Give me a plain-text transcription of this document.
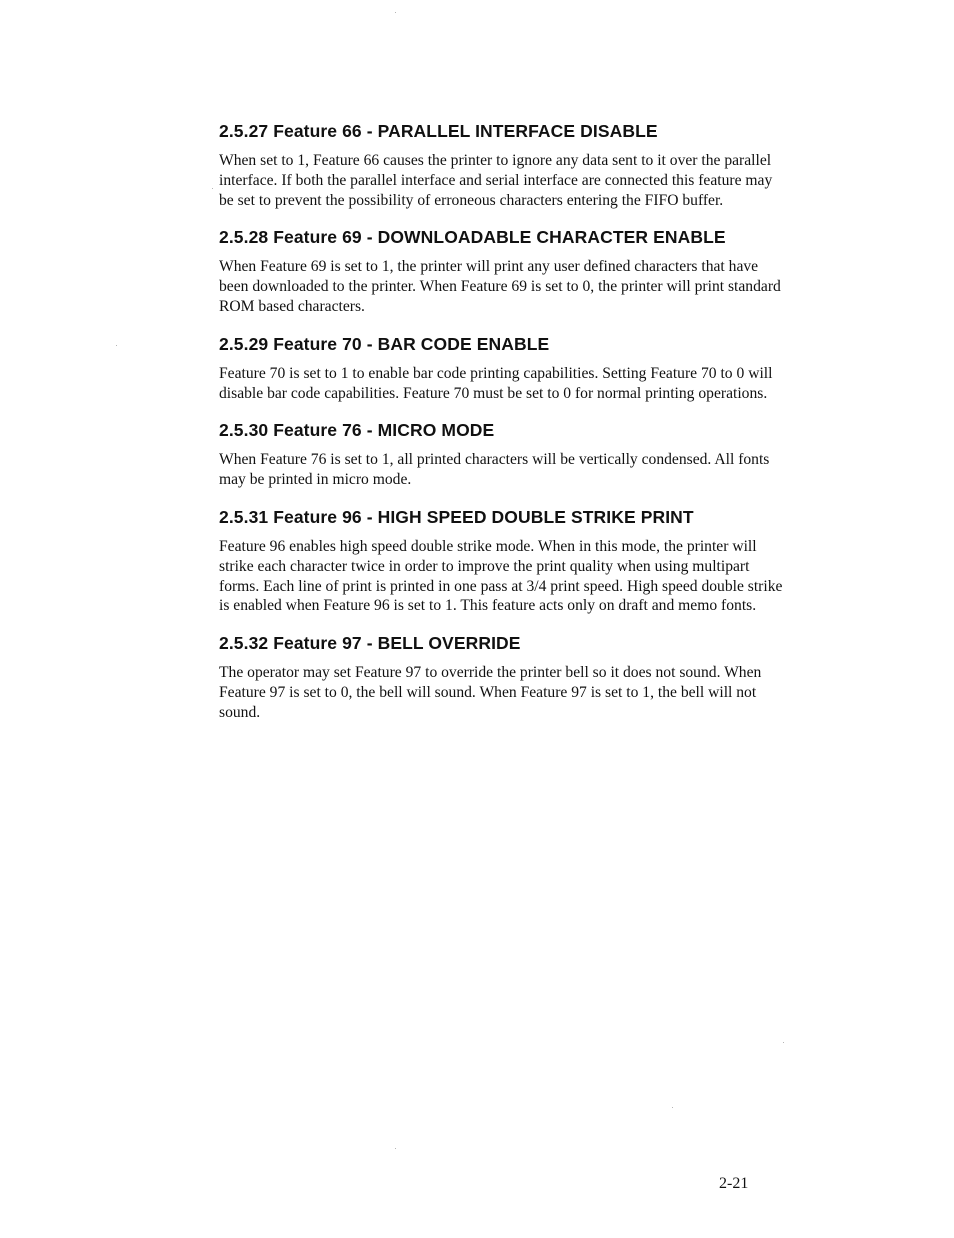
2.5.27 Feature 66 - PARALLEL INTERFACE DISABLE

When set to 1, Feature 66 causes the printer to ignore any data sent to it over the parallel interface. If both the parallel interface and serial interface are connected this feature may be set to prevent the possibility of erroneous characters entering the FIFO buffer.

2.5.28 Feature 69 - DOWNLOADABLE CHARACTER ENABLE

When Feature 69 is set to 1, the printer will print any user defined characters that have been downloaded to the printer. When Feature 69 is set to 0, the printer will print standard ROM based characters.

2.5.29 Feature 70 - BAR CODE ENABLE

Feature 70 is set to 1 to enable bar code printing capabilities. Setting Feature 70 to 0 will disable bar code capabilities. Feature 70 must be set to 0 for normal printing operations.

2.5.30 Feature 76 - MICRO MODE

When Feature 76 is set to 1, all printed characters will be vertically condensed. All fonts may be printed in micro mode.

2.5.31 Feature 96 - HIGH SPEED DOUBLE STRIKE PRINT

Feature 96 enables high speed double strike mode. When in this mode, the printer will strike each character twice in order to improve the print quality when using multipart forms. Each line of print is printed in one pass at 3/4 print speed. High speed double strike is enabled when Feature 96 is set to 1. This feature acts only on draft and memo fonts.

2.5.32 Feature 97 - BELL OVERRIDE

The operator may set Feature 97 to override the printer bell so it does not sound. When Feature 97 is set to 0, the bell will sound. When Feature 97 is set to 1, the bell will not sound.

2-21
